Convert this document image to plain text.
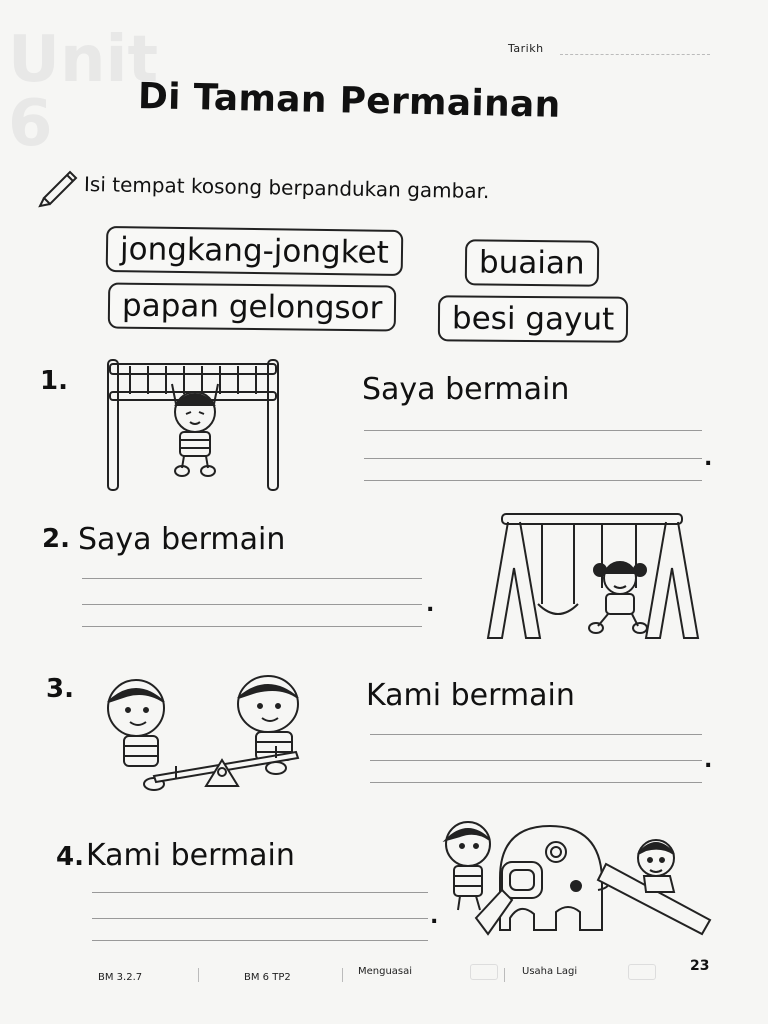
Unit 6
Tarikh
Di Taman Permainan
Isi tempat kosong berpandukan gambar.
jongkang-jongket	buaian
papan gelongsor	besi gayut
1.	Saya bermain
.
2. Saya bermain
.
3.	Kami bermain
.
4. Kami bermain
.
BM 3.2.7	BM 6 TP2
Menguasai	Usaha Lagi	23
